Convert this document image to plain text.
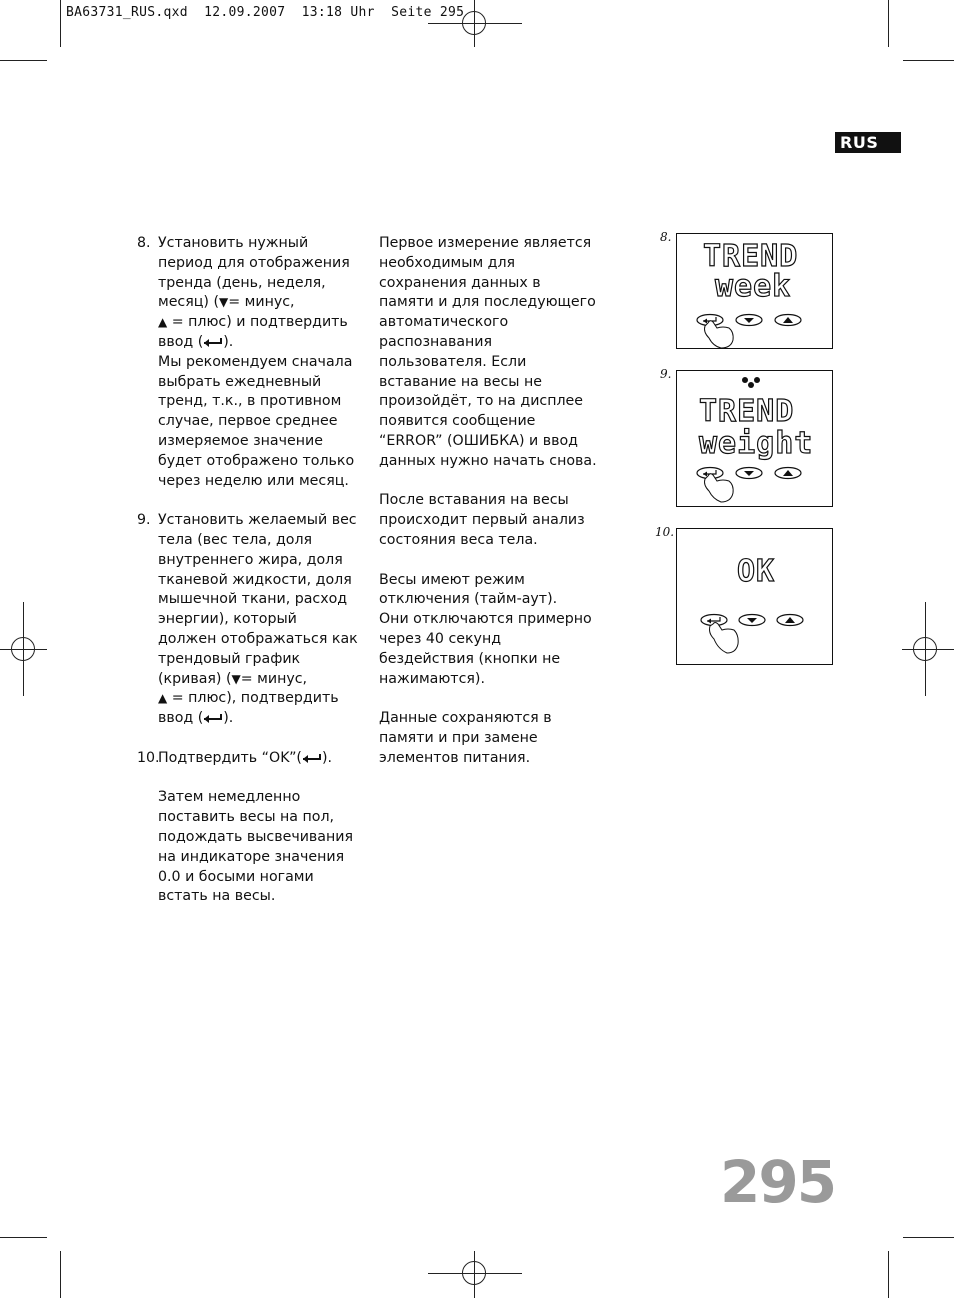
BA63731_RUS.qxd  12.09.2007  13:18 Uhr  Seite 295
RUS
8. Установить нужный

период для отображения

тренда (день, неделя,

месяц) (▼= минус,

▲ = плюс) и подтвердить

ввод ( ).

Мы рекомендуем сначала

выбрать ежедневный

тренд, т.к., в противном

случае, первое среднее

измеряемое значение

будет отображено только

через неделю или месяц.

9. Установить желаемый вес

тела (вес тела, доля

внутреннего жира, доля

тканевой жидкости, доля

мышечной ткани, расход

энергии), который

должен отображаться как

трендовый график

(кривая) (▼= минус,

▲ = плюс), подтвердить

ввод ( ).

10.

Подтвердить “OK”( ).

Затем немедленно

поставить весы на пол,

подождать высвечивания

на индикаторе значения

0.0 и босыми ногами

встать на весы.

Первое измерение является

необходимым для

сохранения данных в

памяти и для последующего

автоматического

распознавания

пользователя. Если

вставание на весы не

произойдёт, то на дисплее

появится сообщение

“ERROR” (ОШИБКА) и ввод

данных нужно начать снова.

После вставания на весы

происходит первый анализ

состояния веса тела.

Весы имеют режим

отключения (тайм-аут).

Они отключаются примерно

через 40 секунд

бездействия (кнопки не

нажимаются).

Данные сохраняются в

памяти и при замене

элементов питания.

8.
TREND
week
9.
TREND
weight
10.
OK
295
